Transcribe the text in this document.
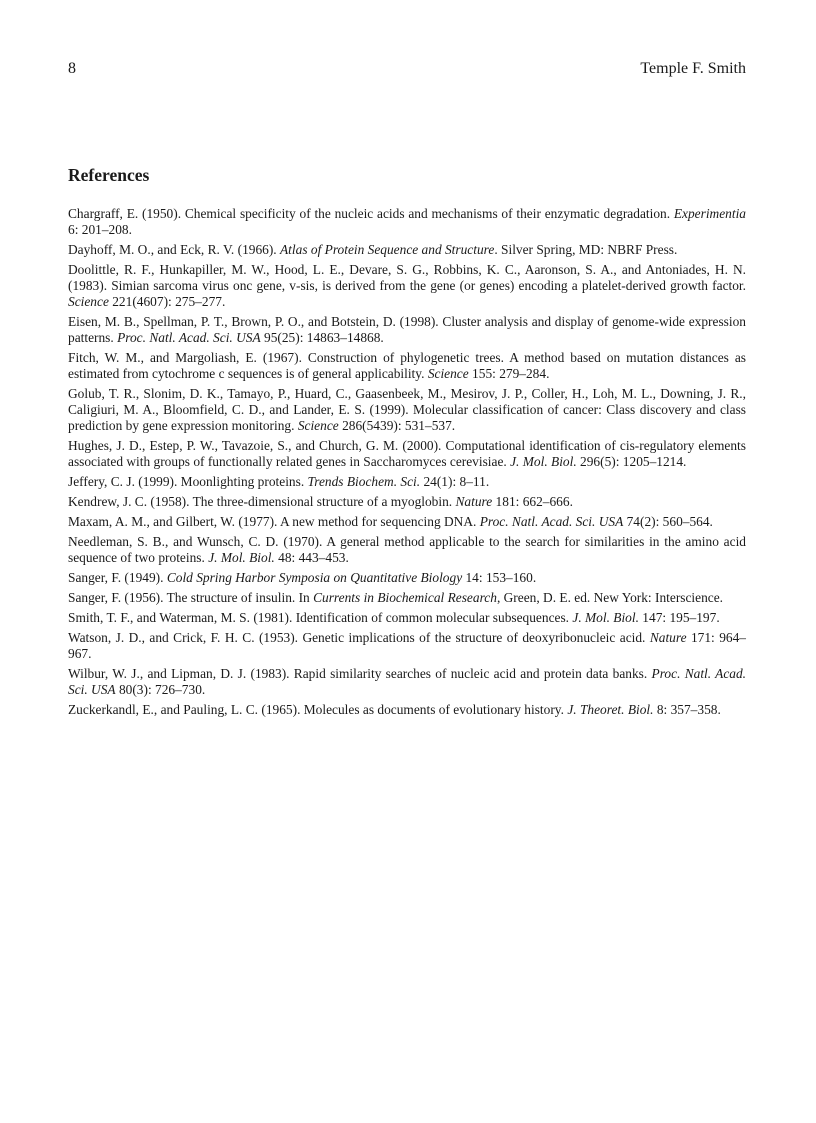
8	Temple F. Smith
References
Chargraff, E. (1950). Chemical specificity of the nucleic acids and mechanisms of their enzymatic degradation. Experimentia 6: 201–208.
Dayhoff, M. O., and Eck, R. V. (1966). Atlas of Protein Sequence and Structure. Silver Spring, MD: NBRF Press.
Doolittle, R. F., Hunkapiller, M. W., Hood, L. E., Devare, S. G., Robbins, K. C., Aaronson, S. A., and Antoniades, H. N. (1983). Simian sarcoma virus onc gene, v-sis, is derived from the gene (or genes) encoding a platelet-derived growth factor. Science 221(4607): 275–277.
Eisen, M. B., Spellman, P. T., Brown, P. O., and Botstein, D. (1998). Cluster analysis and display of genome-wide expression patterns. Proc. Natl. Acad. Sci. USA 95(25): 14863–14868.
Fitch, W. M., and Margoliash, E. (1967). Construction of phylogenetic trees. A method based on mutation distances as estimated from cytochrome c sequences is of general applicability. Science 155: 279–284.
Golub, T. R., Slonim, D. K., Tamayo, P., Huard, C., Gaasenbeek, M., Mesirov, J. P., Coller, H., Loh, M. L., Downing, J. R., Caligiuri, M. A., Bloomfield, C. D., and Lander, E. S. (1999). Molecular classification of cancer: Class discovery and class prediction by gene expression monitoring. Science 286(5439): 531–537.
Hughes, J. D., Estep, P. W., Tavazoie, S., and Church, G. M. (2000). Computational identification of cis-regulatory elements associated with groups of functionally related genes in Saccharomyces cerevisiae. J. Mol. Biol. 296(5): 1205–1214.
Jeffery, C. J. (1999). Moonlighting proteins. Trends Biochem. Sci. 24(1): 8–11.
Kendrew, J. C. (1958). The three-dimensional structure of a myoglobin. Nature 181: 662–666.
Maxam, A. M., and Gilbert, W. (1977). A new method for sequencing DNA. Proc. Natl. Acad. Sci. USA 74(2): 560–564.
Needleman, S. B., and Wunsch, C. D. (1970). A general method applicable to the search for similarities in the amino acid sequence of two proteins. J. Mol. Biol. 48: 443–453.
Sanger, F. (1949). Cold Spring Harbor Symposia on Quantitative Biology 14: 153–160.
Sanger, F. (1956). The structure of insulin. In Currents in Biochemical Research, Green, D. E. ed. New York: Interscience.
Smith, T. F., and Waterman, M. S. (1981). Identification of common molecular subsequences. J. Mol. Biol. 147: 195–197.
Watson, J. D., and Crick, F. H. C. (1953). Genetic implications of the structure of deoxyribonucleic acid. Nature 171: 964–967.
Wilbur, W. J., and Lipman, D. J. (1983). Rapid similarity searches of nucleic acid and protein data banks. Proc. Natl. Acad. Sci. USA 80(3): 726–730.
Zuckerkandl, E., and Pauling, L. C. (1965). Molecules as documents of evolutionary history. J. Theoret. Biol. 8: 357–358.
